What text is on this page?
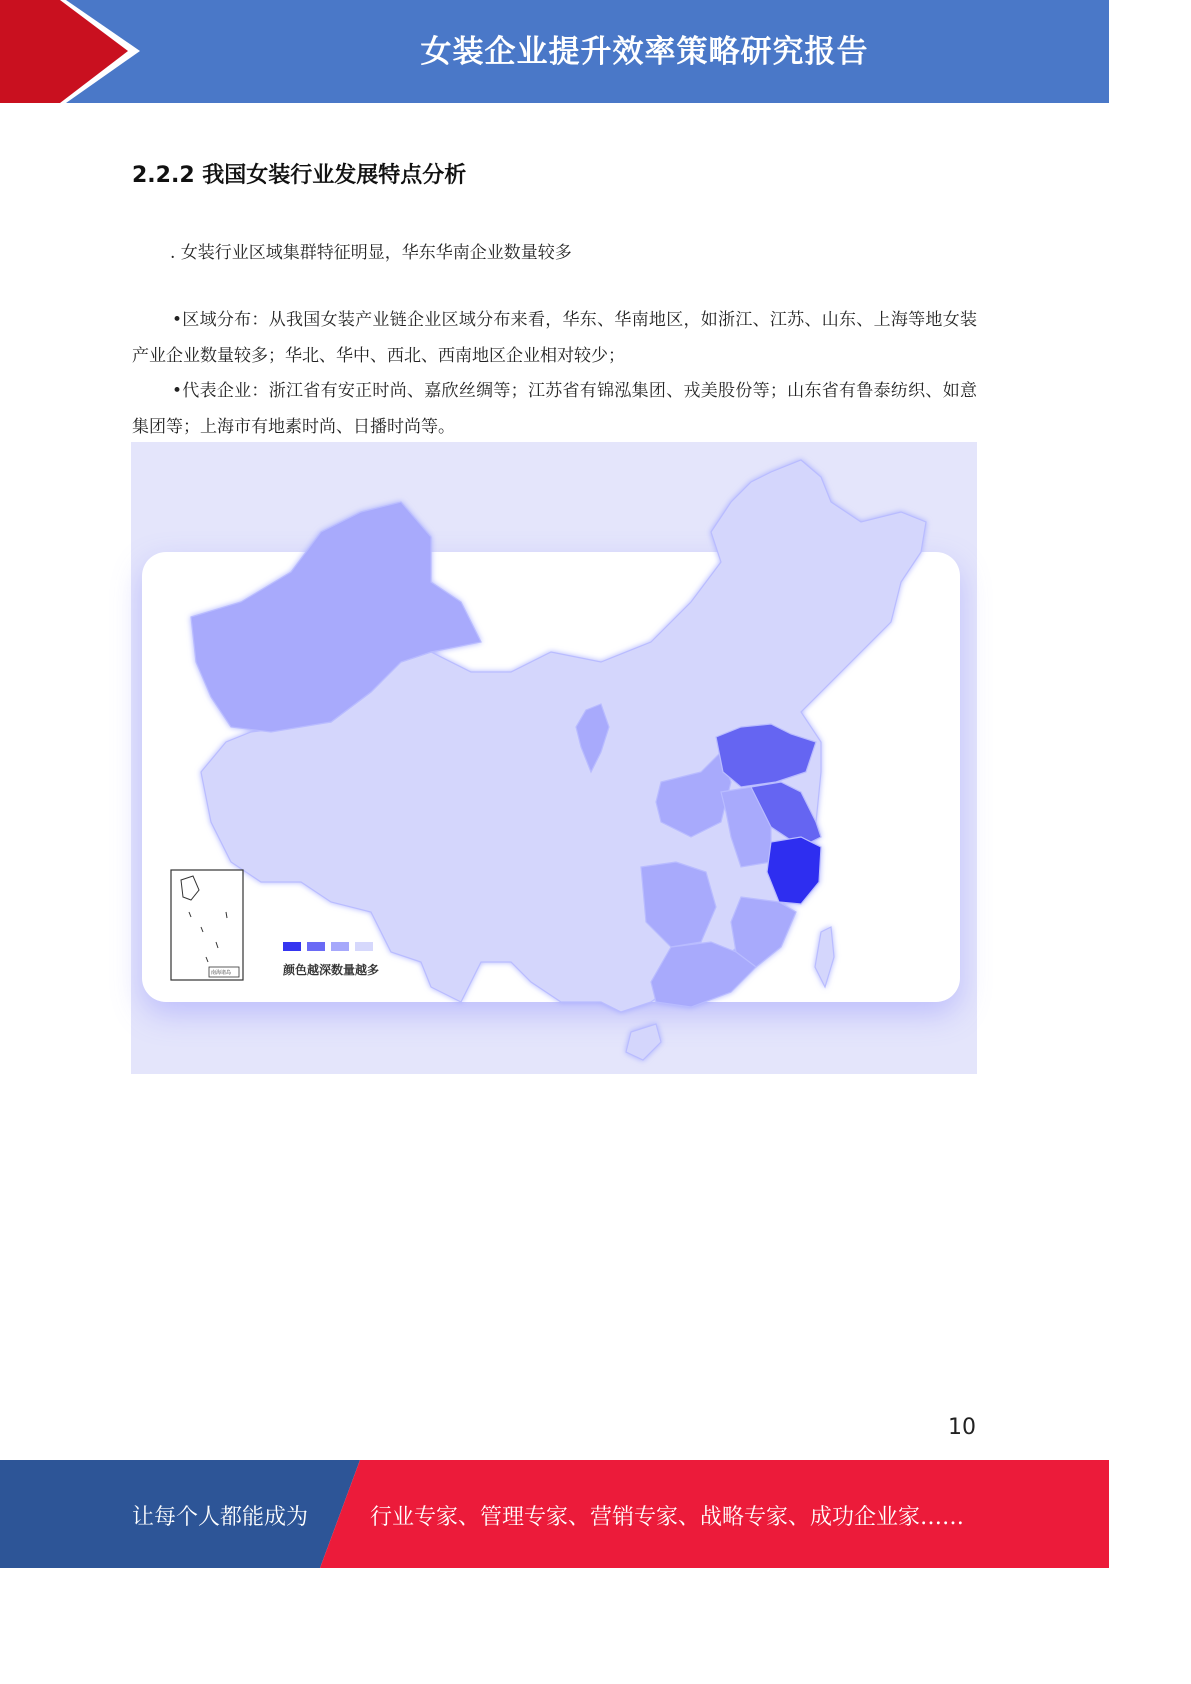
女装企业提升效率策略研究报告
2.2.2 我国女装行业发展特点分析
. 女装行业区域集群特征明显，华东华南企业数量较多
•区域分布：从我国女装产业链企业区域分布来看，华东、华南地区，如浙江、江苏、山东、上海等地女装产业企业数量较多；华北、华中、西北、西南地区企业相对较少；
•代表企业：浙江省有安正时尚、嘉欣丝绸等；江苏省有锦泓集团、戎美股份等；山东省有鲁泰纺织、如意集团等；上海市有地素时尚、日播时尚等。
南海诸岛	颜色越深数量越多
10
让每个人都能成为	行业专家、管理专家、营销专家、战略专家、成功企业家……
